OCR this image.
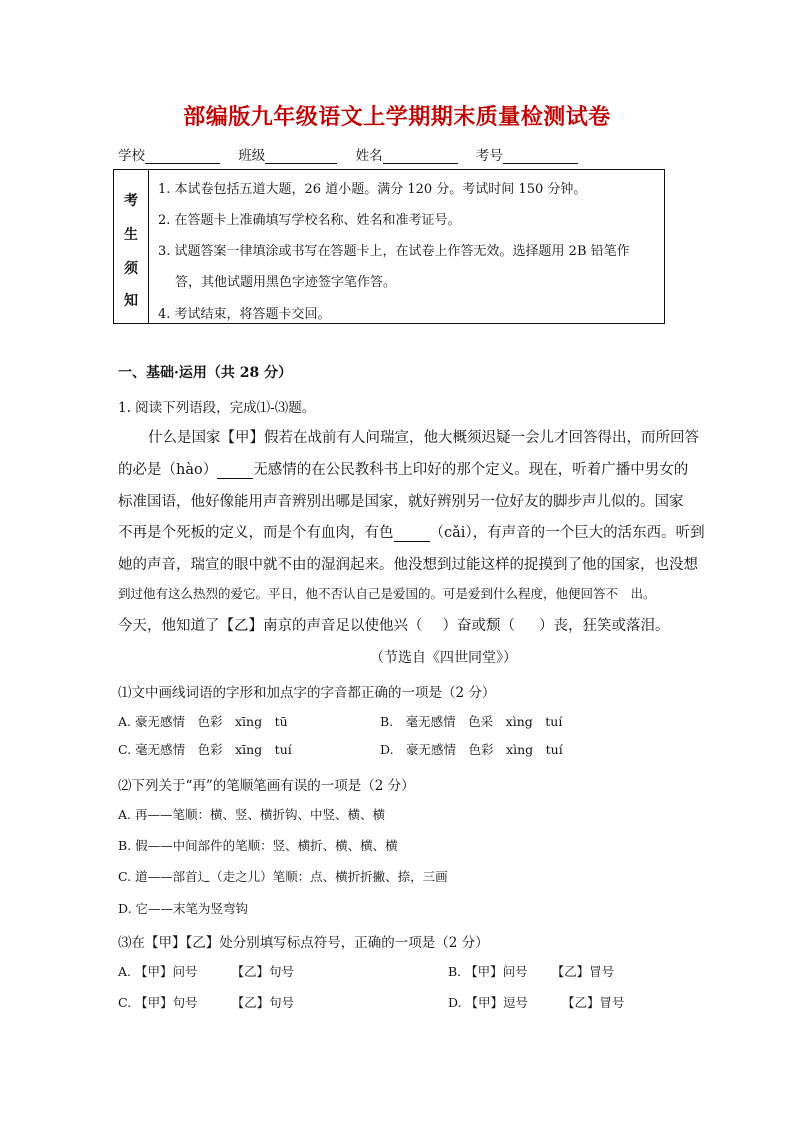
部编版九年级语文上学期期末质量检测试卷
学校	班级	姓名	考号
考
生
须
知
1. 本试卷包括五道大题，26 道小题。满分 120 分。考试时间 150 分钟。
2. 在答题卡上准确填写学校名称、姓名和准考证号。
3. 试题答案一律填涂或书写在答题卡上，在试卷上作答无效。选择题用 2B 铅笔作
答，其他试题用黑色字迹签字笔作答。
4. 考试结束，将答题卡交回。
一、基础·运用（共 28 分）
1. 阅读下列语段，完成⑴-⑶题。
什么是国家【甲】假若在战前有人问瑞宣，他大概须迟疑一会儿才回答得出，而所回答
的必是（hào） 无感情的在公民教科书上印好的那个定义。现在，听着广播中男女的
标准国语，他好像能用声音辨别出哪是国家，就好辨别另一位好友的脚步声儿似的。国家
不再是个死板的定义，而是个有血肉，有色 （cǎi），有声音的一个巨大的活东西。听到
她的声音，瑞宣的眼中就不由的湿润起来。他没想到过能这样的捉摸到了他的国家，也没想
到过他有这么热烈的爱它。平日，他不否认自己是爱国的。可是爱到什么程度，他便回答不　出。
今天，他知道了【乙】南京的声音足以使他兴（ ）奋或颓（ ）丧，狂笑或落泪。
（节选自《四世同堂》）
⑴文中画线词语的字形和加点字的字音都正确的一项是（2 分）
A. 豪无感情　色彩　xīng　tū	B.　毫无感情　色采　xìng　tuí
C. 毫无感情　色彩　xīng　tuí	D.　豪无感情　色彩　xìng　tuí
⑵下列关于“再”的笔顺笔画有误的一项是（2 分）
A. 再——笔顺：横、竖、横折钩、中竖、横、横
B. 假——中间部件的笔顺：竖、横折、横、横、横
C. 道——部首辶（走之儿）笔顺：点、横折折撇、捺，三画
D. 它——末笔为竖弯钩
⑶在【甲】【乙】处分别填写标点符号，正确的一项是（2 分）
A. 【甲】问号	【乙】句号	B. 【甲】问号 【乙】冒号
C. 【甲】句号	【乙】句号	D. 【甲】逗号	【乙】冒号
